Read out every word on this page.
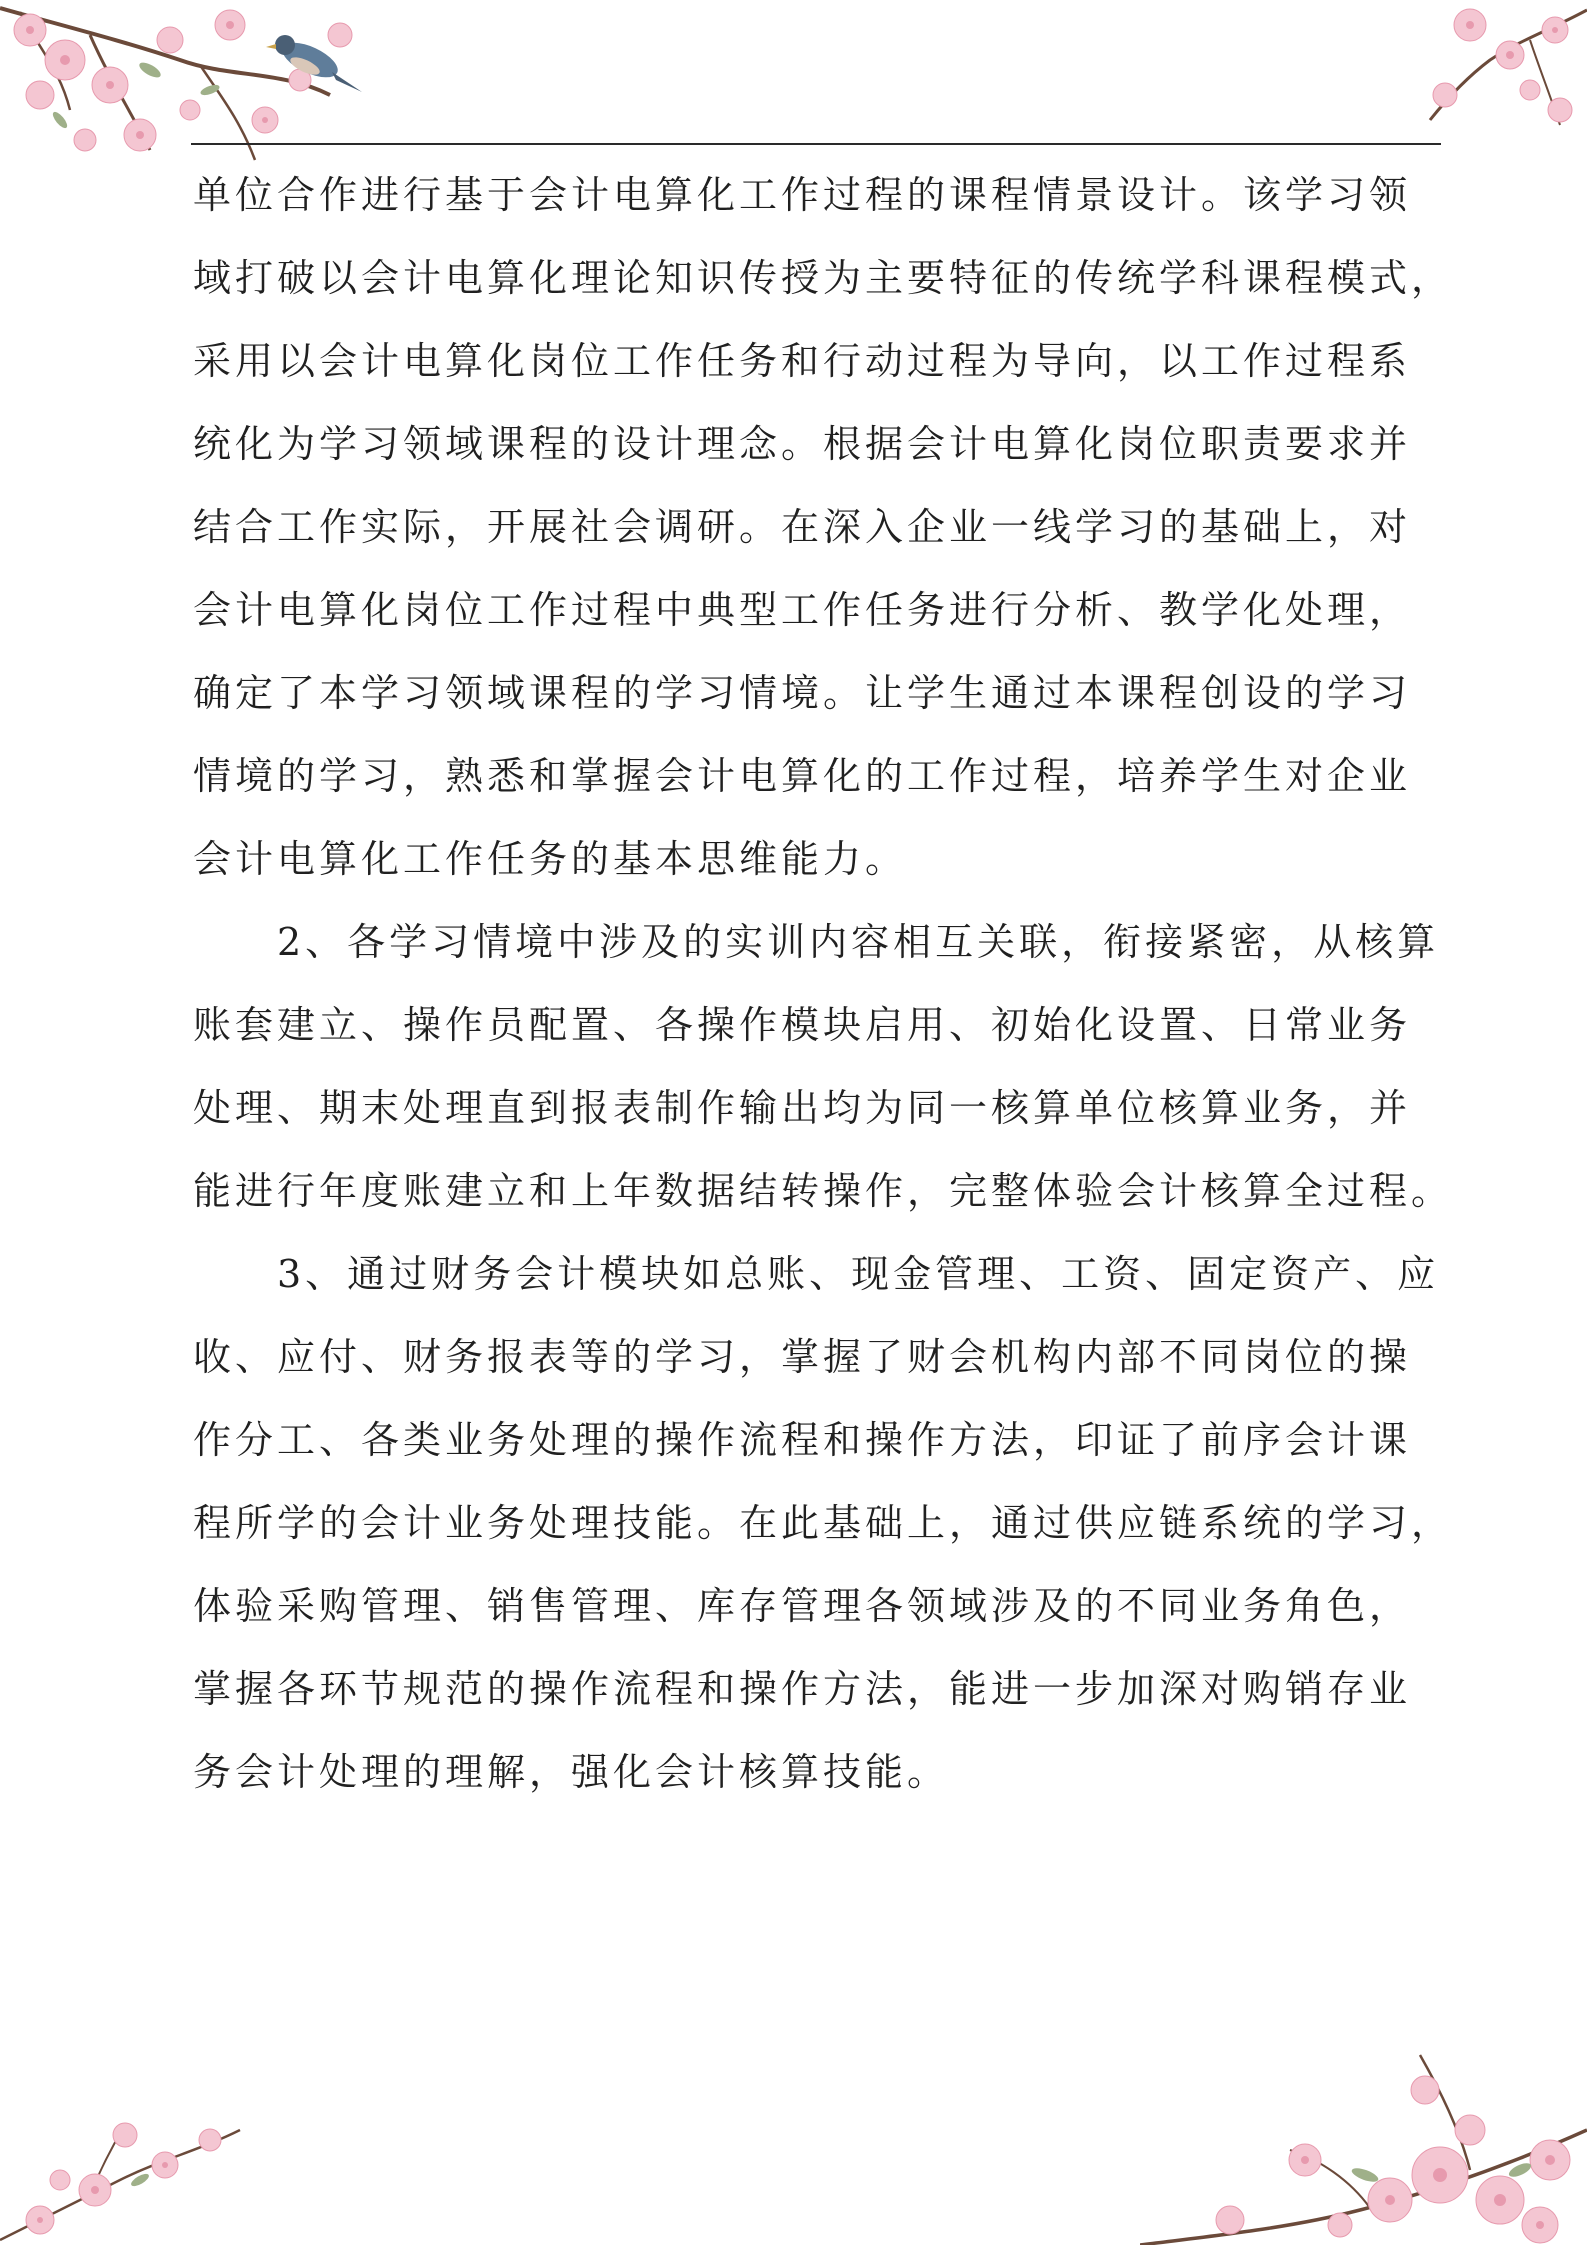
单位合作进行基于会计电算化工作过程的课程情景设计。该学习领
域打破以会计电算化理论知识传授为主要特征的传统学科课程模式，
采用以会计电算化岗位工作任务和行动过程为导向，以工作过程系
统化为学习领域课程的设计理念。根据会计电算化岗位职责要求并
结合工作实际，开展社会调研。在深入企业一线学习的基础上，对
会计电算化岗位工作过程中典型工作任务进行分析、教学化处理，
确定了本学习领域课程的学习情境。让学生通过本课程创设的学习
情境的学习，熟悉和掌握会计电算化的工作过程，培养学生对企业
会计电算化工作任务的基本思维能力。
　　2、各学习情境中涉及的实训内容相互关联，衔接紧密，从核算
账套建立、操作员配置、各操作模块启用、初始化设置、日常业务
处理、期末处理直到报表制作输出均为同一核算单位核算业务，并
能进行年度账建立和上年数据结转操作，完整体验会计核算全过程。
　　3、通过财务会计模块如总账、现金管理、工资、固定资产、应
收、应付、财务报表等的学习，掌握了财会机构内部不同岗位的操
作分工、各类业务处理的操作流程和操作方法，印证了前序会计课
程所学的会计业务处理技能。在此基础上，通过供应链系统的学习，
体验采购管理、销售管理、库存管理各领域涉及的不同业务角色，
掌握各环节规范的操作流程和操作方法，能进一步加深对购销存业
务会计处理的理解，强化会计核算技能。
